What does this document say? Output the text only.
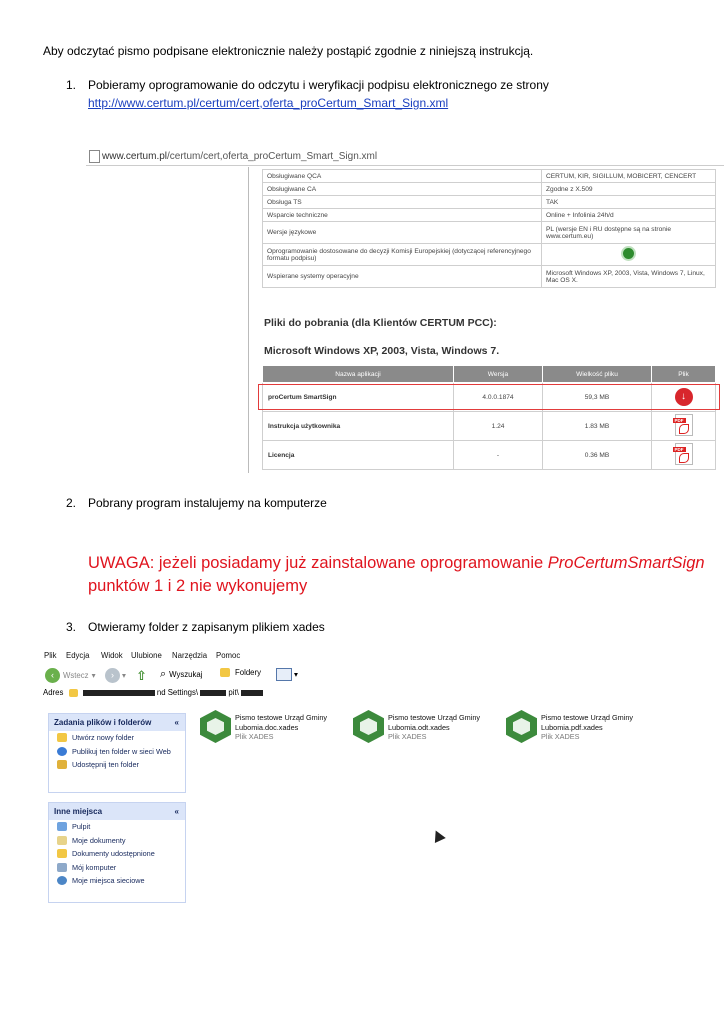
Aby odczytać pismo podpisane elektronicznie należy postąpić zgodnie z niniejszą instrukcją.
1. Pobieramy oprogramowanie do odczytu i weryfikacji podpisu elektronicznego ze strony
http://www.certum.pl/certum/cert,oferta_proCertum_Smart_Sign.xml
www.certum.pl/certum/cert,oferta_proCertum_Smart_Sign.xml
Obsługiwane QCA	CERTUM, KIR, SIGILLUM, MOBICERT, CENCERT
Obsługiwane CA	Zgodne z X.509
Obsługa TS	TAK
Wsparcie techniczne	Online + Infolinia 24h/d
Wersje językowe	PL (wersje EN i RU dostępne są na stronie www.certum.eu)
Oprogramowanie dostosowane do decyzji Komisji Europejskiej (dotyczącej referencyjnego formatu podpisu)	
Wspierane systemy operacyjne	Microsoft Windows XP, 2003, Vista, Windows 7, Linux, Mac OS X.
Pliki do pobrania (dla Klientów CERTUM PCC):
Microsoft Windows XP, 2003, Vista, Windows 7.
Nazwa aplikacji	Wersja	Wielkość pliku	Plik
proCertum SmartSign	4.0.0.1874	59,3 MB	↓
Instrukcja użytkownika	1.24	1.83 MB	PDF
Licencja	-	0.36 MB	PDF
2. Pobrany program instalujemy na komputerze
UWAGA: jeżeli posiadamy już zainstalowane oprogramowanie ProCertumSmartSign
punktów 1 i 2 nie wykonujemy
3. Otwieramy folder z zapisanym plikiem xades
Plik Edycja Widok Ulubione Narzędzia Pomoc
‹	Wstecz ▾	›	▾ ⇧ ⌕ Wyszukaj	Foldery	▾
Adres	nd Settings\	pit\
Zadania plików i folderów	«
Utwórz nowy folder
Publikuj ten folder w sieci Web
Udostępnij ten folder
Inne miejsca	«
Pulpit
Moje dokumenty
Dokumenty udostępnione
Mój komputer
Moje miejsca sieciowe
Pismo testowe Urząd Gminy
Lubomia.doc.xades
Plik XADES
Pismo testowe Urząd Gminy
Lubomia.odt.xades
Plik XADES
Pismo testowe Urząd Gminy
Lubomia.pdf.xades
Plik XADES
